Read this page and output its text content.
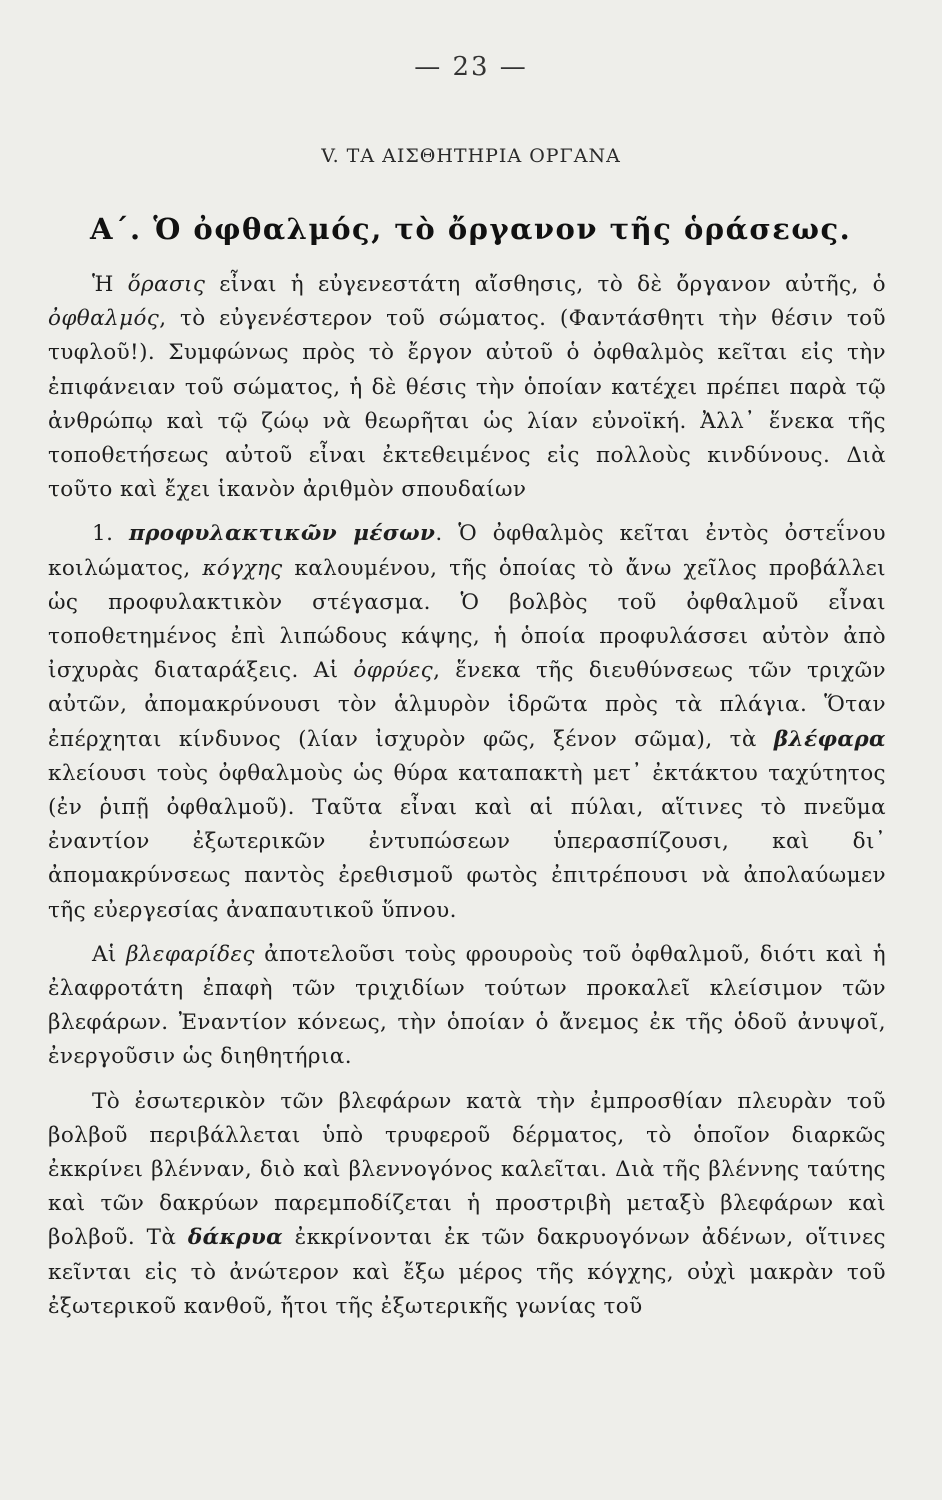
— 23 —
V. ΤΑ ΑΙΣΘΗΤΗΡΙΑ ΟΡΓΑΝΑ
Α΄. Ὁ ὀφθαλμός, τὸ ὄργανον τῆς ὁράσεως.

Ἡ ὅρασις εἶναι ἡ εὐγενεστάτη αἴσθησις, τὸ δὲ ὄργανον αὐτῆς, ὁ ὀφθαλμός, τὸ εὐγενέστερον τοῦ σώματος. (Φαντάσθητι τὴν θέσιν τοῦ τυφλοῦ!). Συμφώνως πρὸς τὸ ἔργον αὐτοῦ ὁ ὀφθαλμὸς κεῖται εἰς τὴν ἐπιφάνειαν τοῦ σώματος, ἡ δὲ θέσις τὴν ὁποίαν κατέχει πρέπει παρὰ τῷ ἀνθρώπῳ καὶ τῷ ζώῳ νὰ θεωρῆται ὡς λίαν εὐνοϊκή. Ἀλλ᾽ ἕνεκα τῆς τοποθετήσεως αὐτοῦ εἶναι ἐκτεθειμένος εἰς πολλοὺς κινδύνους. Διὰ τοῦτο καὶ ἔχει ἱκανὸν ἀριθμὸν σπουδαίων

1. προφυλακτικῶν μέσων. Ὁ ὀφθαλμὸς κεῖται ἐντὸς ὀστεΐνου κοιλώματος, κόγχης καλουμένου, τῆς ὁποίας τὸ ἄνω χεῖλος προβάλλει ὡς προφυλακτικὸν στέγασμα. Ὁ βολβὸς τοῦ ὀφθαλμοῦ εἶναι τοποθετημένος ἐπὶ λιπώδους κάψης, ἡ ὁποία προφυλάσσει αὐτὸν ἀπὸ ἰσχυρὰς διαταράξεις. Αἱ ὀφρύες, ἕνεκα τῆς διευθύνσεως τῶν τριχῶν αὐτῶν, ἀπομακρύνουσι τὸν ἁλμυρὸν ἱδρῶτα πρὸς τὰ πλάγια. Ὅταν ἐπέρχηται κίνδυνος (λίαν ἰσχυρὸν φῶς, ξένον σῶμα), τὰ βλέφαρα κλείουσι τοὺς ὀφθαλμοὺς ὡς θύρα καταπακτὴ μετ᾽ ἐκτάκτου ταχύτητος (ἐν ῥιπῇ ὀφθαλμοῦ). Ταῦτα εἶναι καὶ αἱ πύλαι, αἵτινες τὸ πνεῦμα ἐναντίον ἐξωτερικῶν ἐντυπώσεων ὑπερασπίζουσι, καὶ δι᾽ ἀπομακρύνσεως παντὸς ἐρεθισμοῦ φωτὸς ἐπιτρέπουσι νὰ ἀπολαύωμεν τῆς εὐεργεσίας ἀναπαυτικοῦ ὕπνου.

Αἱ βλεφαρίδες ἀποτελοῦσι τοὺς φρουροὺς τοῦ ὀφθαλμοῦ, διότι καὶ ἡ ἐλαφροτάτη ἐπαφὴ τῶν τριχιδίων τούτων προκαλεῖ κλείσιμον τῶν βλεφάρων. Ἐναντίον κόνεως, τὴν ὁποίαν ὁ ἄνεμος ἐκ τῆς ὁδοῦ ἀνυψοῖ, ἐνεργοῦσιν ὡς διηθητήρια.

Τὸ ἐσωτερικὸν τῶν βλεφάρων κατὰ τὴν ἐμπροσθίαν πλευρὰν τοῦ βολβοῦ περιβάλλεται ὑπὸ τρυφεροῦ δέρματος, τὸ ὁποῖον διαρκῶς ἐκκρίνει βλένναν, διὸ καὶ βλεννογόνος καλεῖται. Διὰ τῆς βλέννης ταύτης καὶ τῶν δακρύων παρεμποδίζεται ἡ προστριβὴ μεταξὺ βλεφάρων καὶ βολβοῦ. Τὰ δάκρυα ἐκκρίνονται ἐκ τῶν δακρυογόνων ἀδένων, οἵτινες κεῖνται εἰς τὸ ἀνώτερον καὶ ἔξω μέρος τῆς κόγχης, οὐχὶ μακρὰν τοῦ ἐξωτερικοῦ κανθοῦ, ἤτοι τῆς ἐξωτερικῆς γωνίας τοῦ
